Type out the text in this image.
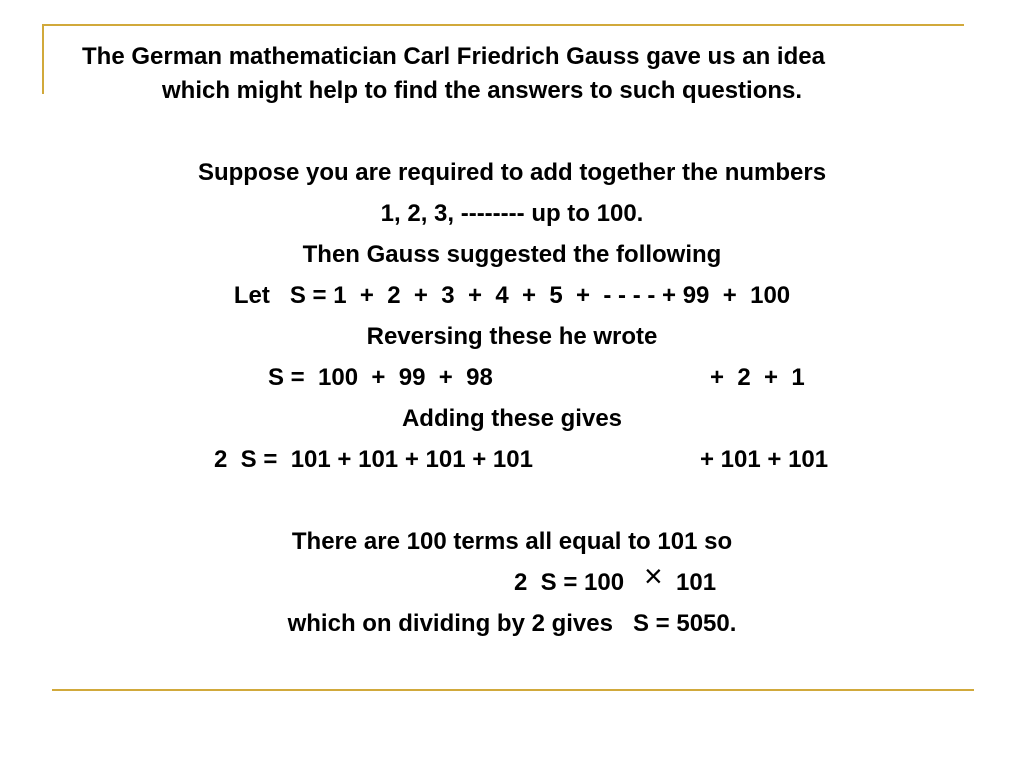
The German mathematician Carl Friedrich Gauss gave us an idea
which might help to find the answers to such questions.
Suppose you are required to add together the numbers
1, 2, 3, -------- up to 100.
Then Gauss suggested the following
Let   S = 1  +  2  +  3  +  4  +  5  +  - - - - + 99  +  100
Reversing these he wrote
S =  100  +  99  +  98	+  2  +  1
Adding these gives
2  S =  101 + 101 + 101 + 101	+ 101 + 101
There are 100 terms all equal to 101 so
2  S = 100 × 101
which on dividing by 2 gives   S = 5050.
